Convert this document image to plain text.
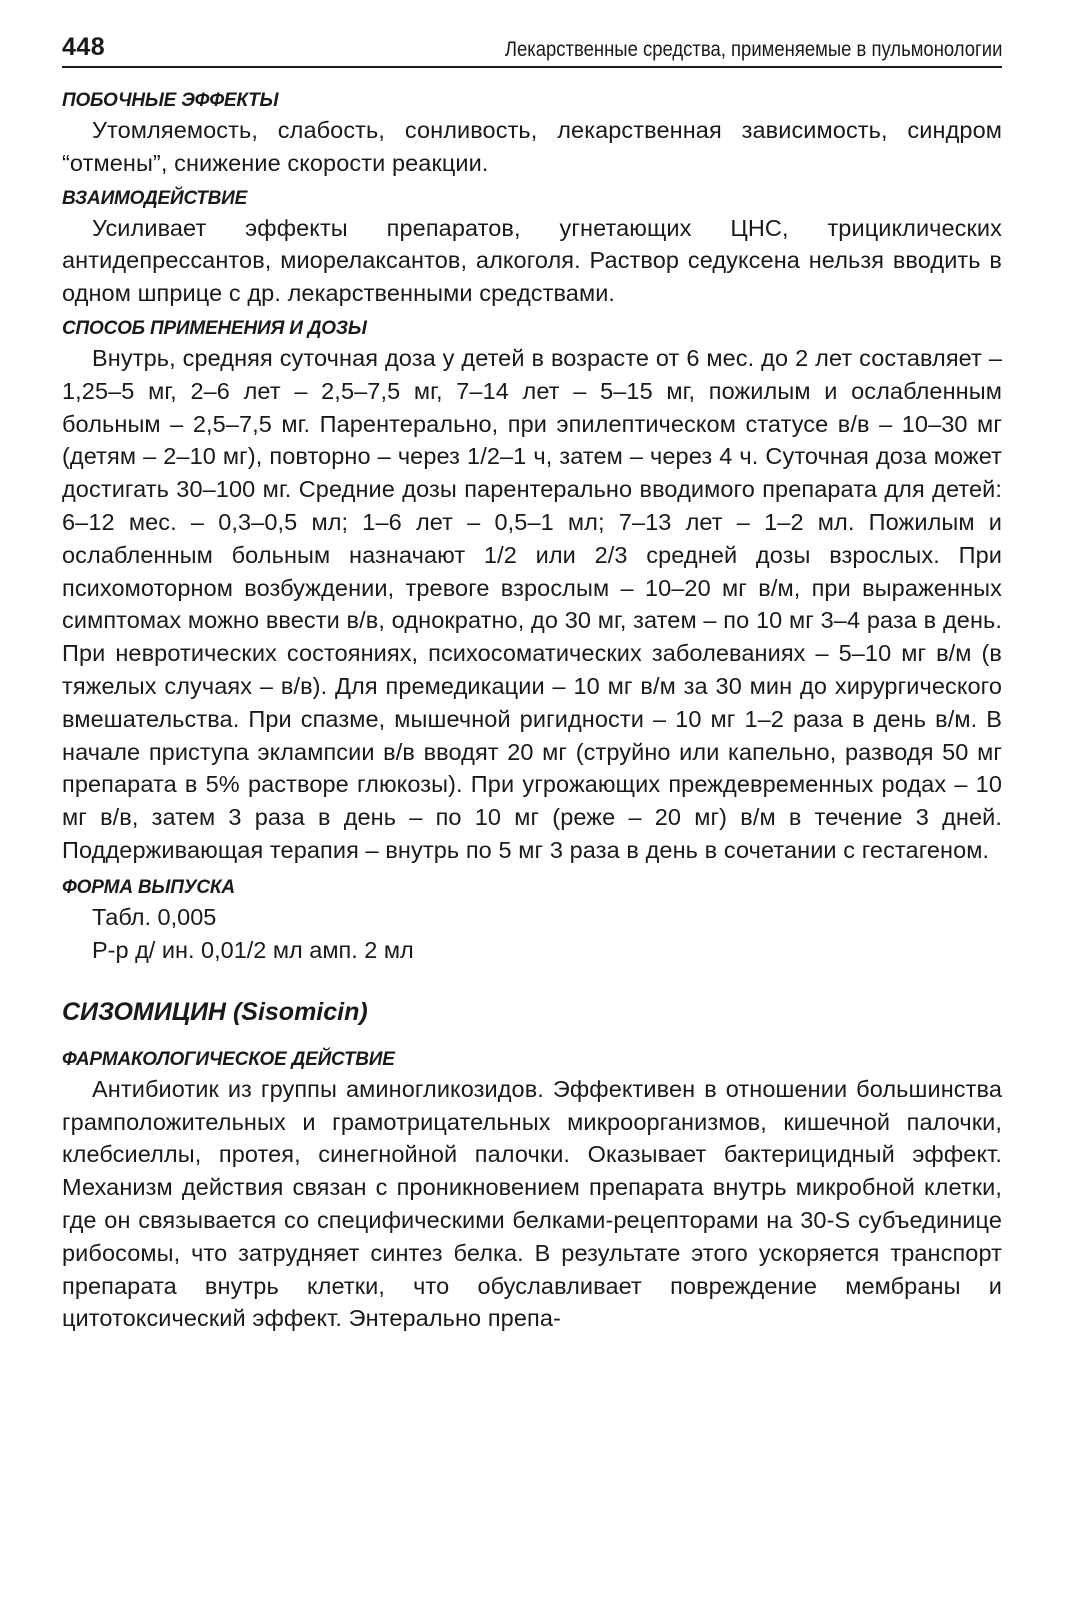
448	Лекарственные средства, применяемые в пульмонологии
ПОБОЧНЫЕ ЭФФЕКТЫ

Утомляемость, слабость, сонливость, лекарственная зависимость, синдром “отмены”, снижение скорости реакции.

ВЗАИМОДЕЙСТВИЕ

Усиливает эффекты препаратов, угнетающих ЦНС, трициклических антидепрессантов, миорелаксантов, алкоголя. Раствор седуксена нельзя вводить в одном шприце с др. лекарственными средствами.

СПОСОБ ПРИМЕНЕНИЯ И ДОЗЫ

Внутрь, средняя суточная доза у детей в возрасте от 6 мес. до 2 лет составляет –1,25–5 мг, 2–6 лет – 2,5–7,5 мг, 7–14 лет – 5–15 мг, пожилым и ослабленным больным – 2,5–7,5 мг. Парентерально, при эпилептическом статусе в/в – 10–30 мг (детям – 2–10 мг), повторно – через 1/2–1 ч, затем – через 4 ч. Суточная доза может достигать 30–100 мг. Средние дозы парентерально вводимого препарата для детей: 6–12 мес. – 0,3–0,5 мл; 1–6 лет – 0,5–1 мл; 7–13 лет – 1–2 мл. Пожилым и ослабленным больным назначают 1/2 или 2/3 средней дозы взрослых. При психомоторном возбуждении, тревоге взрослым – 10–20 мг в/м, при выраженных симптомах можно ввести в/в, однократно, до 30 мг, затем – по 10 мг 3–4 раза в день. При невротических состояниях, психосоматических заболеваниях – 5–10 мг в/м (в тяжелых случаях – в/в). Для премедикации – 10 мг в/м за 30 мин до хирургического вмешательства. При спазме, мышечной ригидности – 10 мг 1–2 раза в день в/м. В начале приступа эклампсии в/в вводят 20 мг (струйно или капельно, разводя 50 мг препарата в 5% растворе глюкозы). При угрожающих преждевременных родах – 10 мг в/в, затем 3 раза в день – по 10 мг (реже – 20 мг) в/м в течение 3 дней. Поддерживающая терапия – внутрь по 5 мг 3 раза в день в сочетании с гестагеном.

ФОРМА ВЫПУСКА

Табл. 0,005

Р-р д/ ин. 0,01/2 мл амп. 2 мл

СИЗОМИЦИН (Sisomicin)
ФАРМАКОЛОГИЧЕСКОЕ ДЕЙСТВИЕ

Антибиотик из группы аминогликозидов. Эффективен в отношении большинства грамположительных и грамотрицательных микроорганизмов, кишечной палочки, клебсиеллы, протея, синегнойной палочки. Оказывает бактерицидный эффект. Механизм действия связан с проникновением препарата внутрь микробной клетки, где он связывается со специфическими белками-рецепторами на 30-S субъединице рибосомы, что затрудняет синтез белка. В результате этого ускоряется транспорт препарата внутрь клетки, что обуславливает повреждение мембраны и цитотоксический эффект. Энтерально препа-
